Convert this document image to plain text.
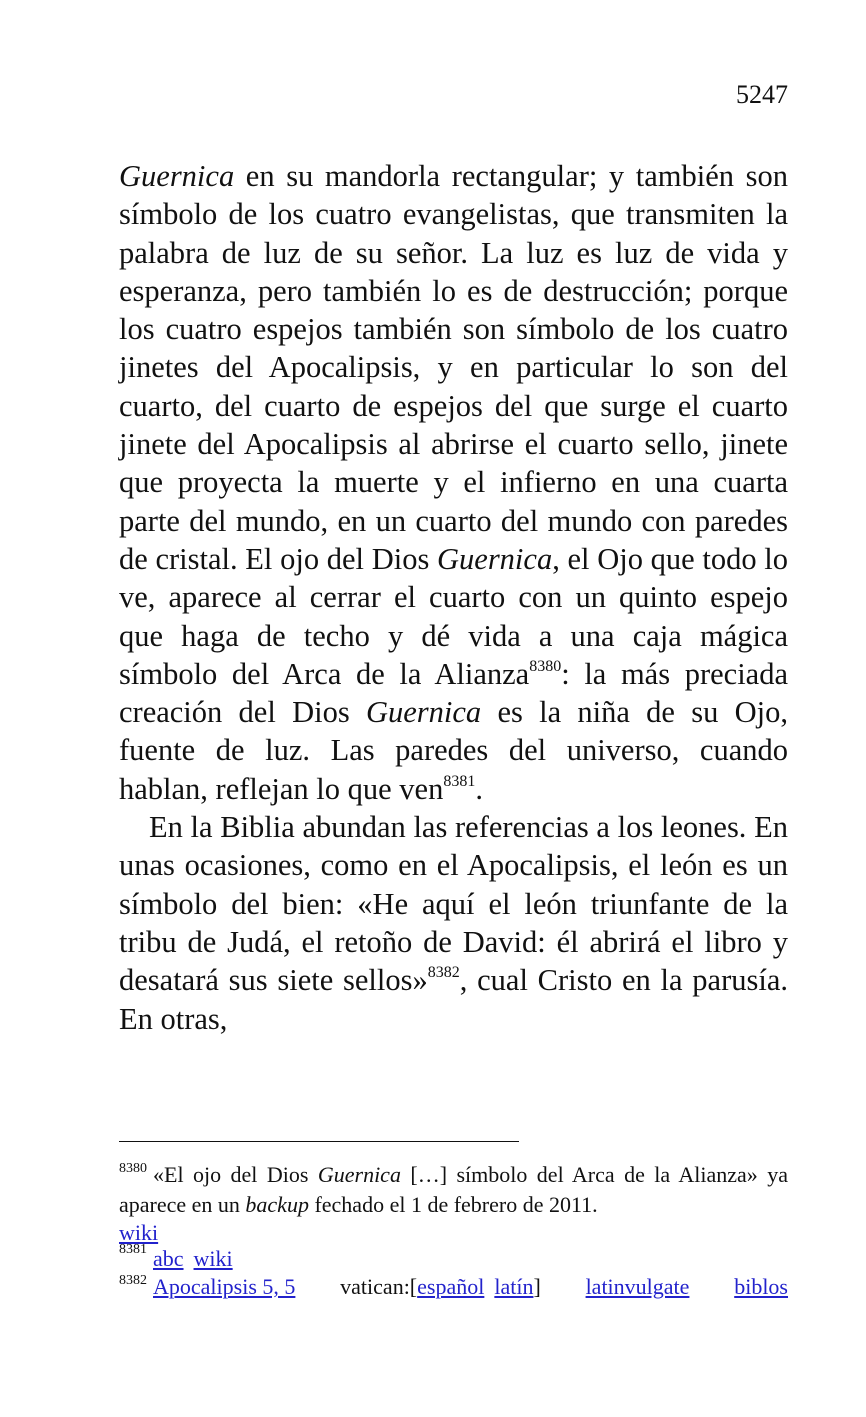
5247

Guernica en su mandorla rectangular; y también son símbolo de los cuatro evangelistas, que transmiten la palabra de luz de su señor. La luz es luz de vida y esperanza, pero también lo es de destrucción; porque los cuatro espejos también son símbolo de los cuatro jinetes del Apocalipsis, y en particular lo son del cuarto, del cuarto de espejos del que surge el cuarto jinete del Apocalipsis al abrirse el cuarto sello, jinete que proyecta la muerte y el infierno en una cuarta parte del mundo, en un cuarto del mundo con paredes de cristal. El ojo del Dios Guernica, el Ojo que todo lo ve, aparece al cerrar el cuarto con un quinto espejo que haga de techo y dé vida a una caja mágica símbolo del Arca de la Alianza$^{8380}$: la más preciada creación del Dios Guernica es la niña de su Ojo, fuente de luz. Las paredes del universo, cuando hablan, reflejan lo que ven$^{8381}$.

En la Biblia abundan las referencias a los leones. En unas ocasiones, como en el Apocalipsis, el león es un símbolo del bien: «He aquí el león triunfante de la tribu de Judá, el retoño de David: él abrirá el libro y desatará sus siete sellos»$^{8382}$, cual Cristo en la parusía. En otras,

$^{8380}$ «El ojo del Dios Guernica […] símbolo del Arca de la Alianza» ya aparece en un backup fechado el 1 de febrero de 2011.

wiki

$^{8381}$ abc wiki

$^{8382}$ Apocalipsis 5, 5 vatican:[español latín] latinvulgate biblos
